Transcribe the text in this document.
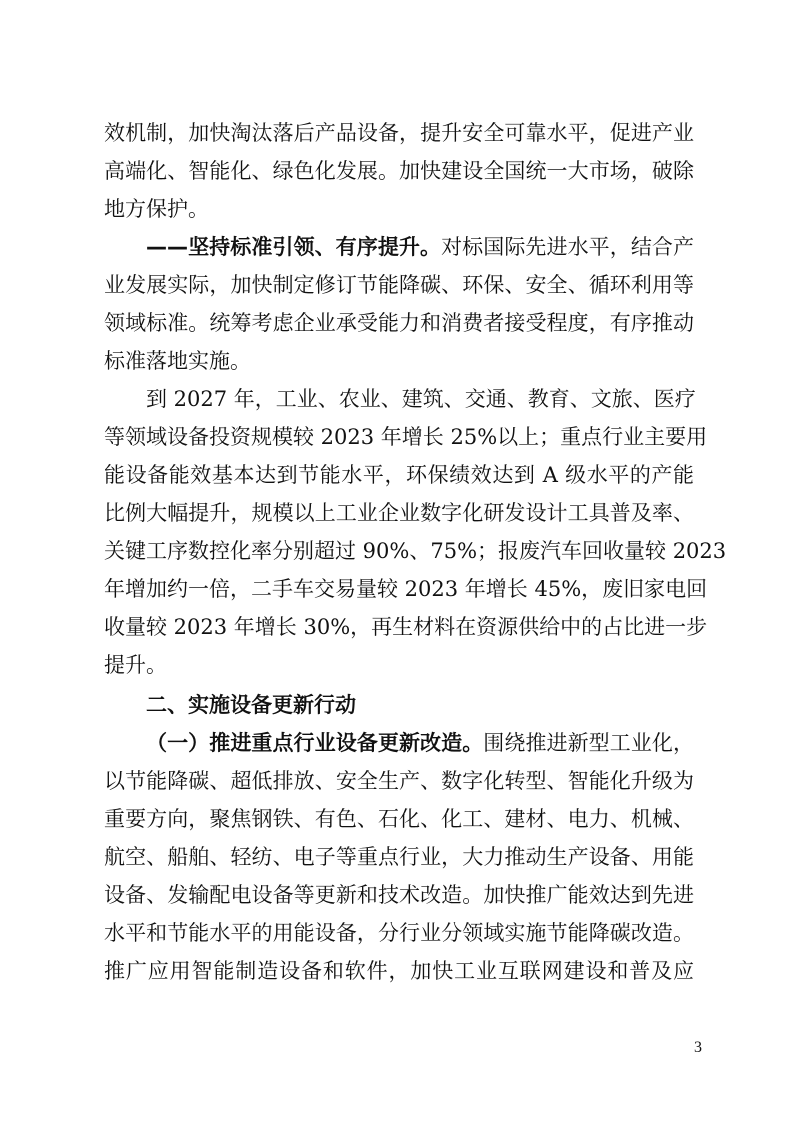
效机制，加快淘汰落后产品设备，提升安全可靠水平，促进产业
高端化、智能化、绿色化发展。加快建设全国统一大市场，破除
地方保护。
——坚持标准引领、有序提升。对标国际先进水平，结合产
业发展实际，加快制定修订节能降碳、环保、安全、循环利用等
领域标准。统筹考虑企业承受能力和消费者接受程度，有序推动
标准落地实施。
到 2027 年，工业、农业、建筑、交通、教育、文旅、医疗
等领域设备投资规模较 2023 年增长 25%以上；重点行业主要用
能设备能效基本达到节能水平，环保绩效达到 A 级水平的产能
比例大幅提升，规模以上工业企业数字化研发设计工具普及率、
关键工序数控化率分别超过 90%、75%；报废汽车回收量较 2023
年增加约一倍，二手车交易量较 2023 年增长 45%，废旧家电回
收量较 2023 年增长 30%，再生材料在资源供给中的占比进一步
提升。
二、实施设备更新行动
（一）推进重点行业设备更新改造。围绕推进新型工业化，
以节能降碳、超低排放、安全生产、数字化转型、智能化升级为
重要方向，聚焦钢铁、有色、石化、化工、建材、电力、机械、
航空、船舶、轻纺、电子等重点行业，大力推动生产设备、用能
设备、发输配电设备等更新和技术改造。加快推广能效达到先进
水平和节能水平的用能设备，分行业分领域实施节能降碳改造。
推广应用智能制造设备和软件，加快工业互联网建设和普及应
3
